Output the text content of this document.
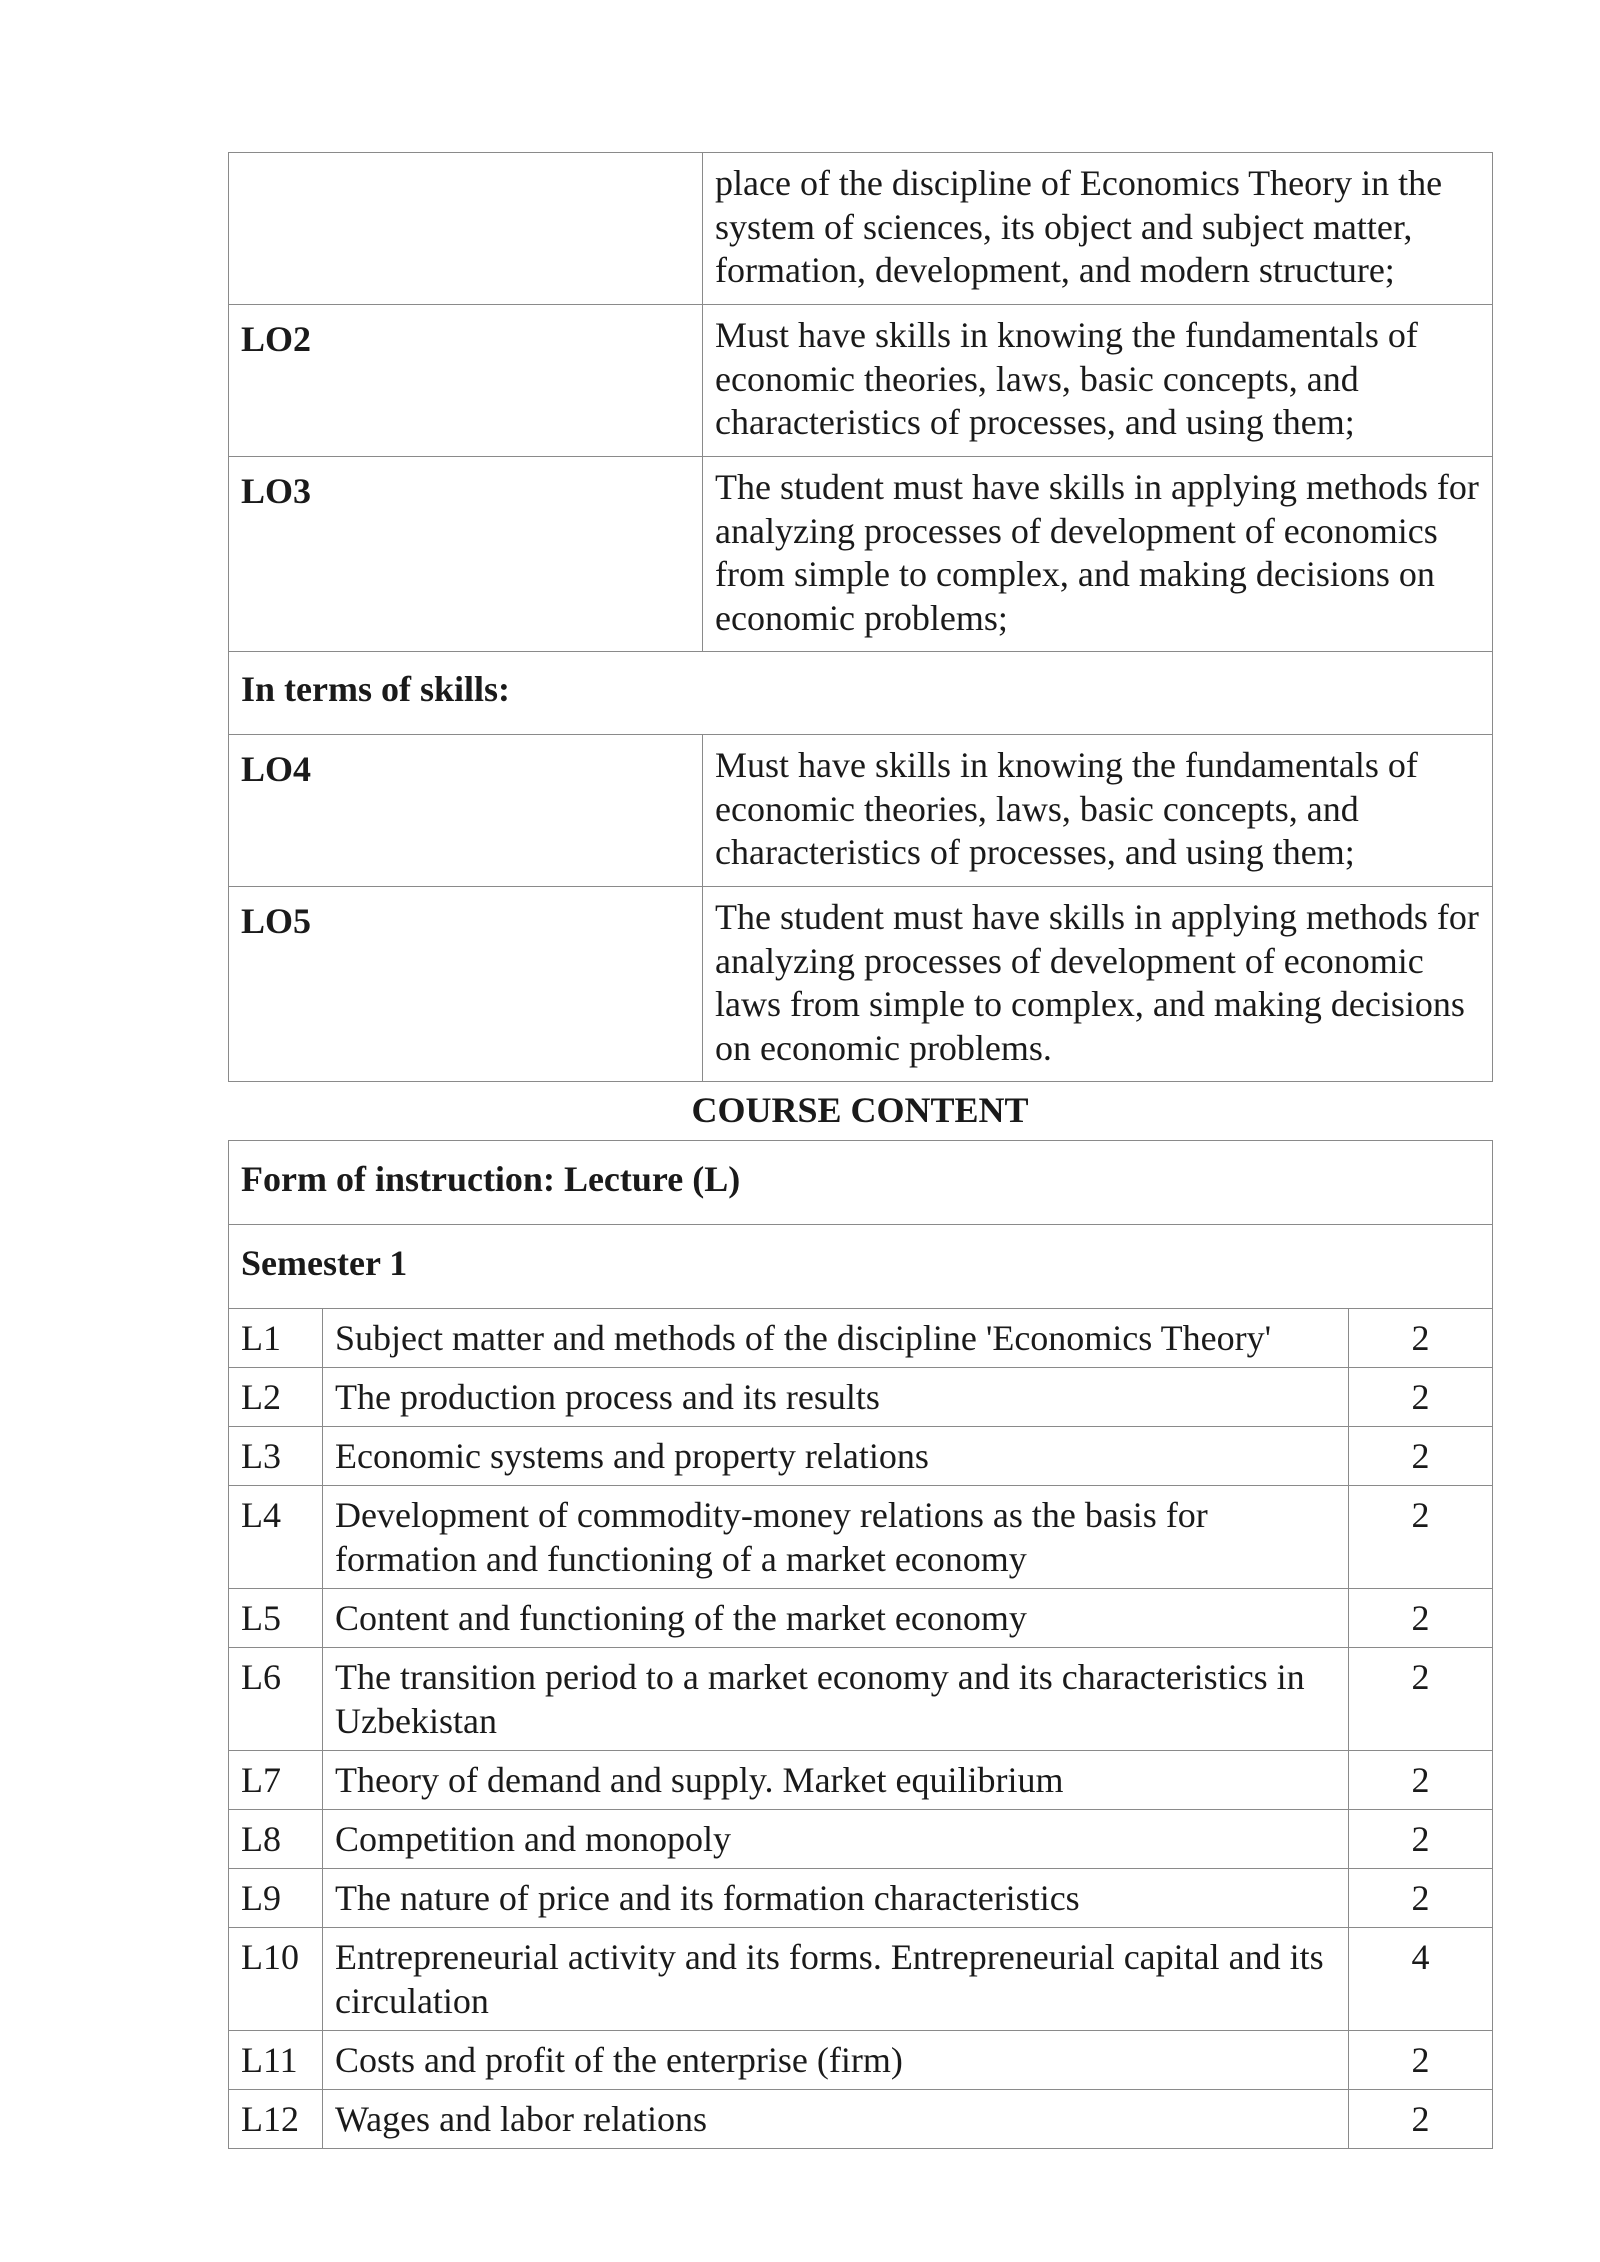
	place of the discipline of Economics Theory in the system of sciences, its object and subject matter, formation, development, and modern structure;
LO2	Must have skills in knowing the fundamentals of economic theories, laws, basic concepts, and characteristics of processes, and using them;
LO3	The student must have skills in applying methods for analyzing processes of development of economics from simple to complex, and making decisions on economic problems;
In terms of skills:	
LO4	Must have skills in knowing the fundamentals of economic theories, laws, basic concepts, and characteristics of processes, and using them;
LO5	The student must have skills in applying methods for analyzing processes of development of economic laws from simple to complex, and making decisions on economic problems.
COURSE CONTENT
Form of instruction: Lecture (L)		
Semester 1		
L1	Subject matter and methods of the discipline 'Economics Theory'	2
L2	The production process and its results	2
L3	Economic systems and property relations	2
L4	Development of commodity-money relations as the basis for formation and functioning of a market economy	2
L5	Content and functioning of the market economy	2
L6	The transition period to a market economy and its characteristics in Uzbekistan	2
L7	Theory of demand and supply. Market equilibrium	2
L8	Competition and monopoly	2
L9	The nature of price and its formation characteristics	2
L10	Entrepreneurial activity and its forms. Entrepreneurial capital and its circulation	4
L11	Costs and profit of the enterprise (firm)	2
L12	Wages and labor relations	2
